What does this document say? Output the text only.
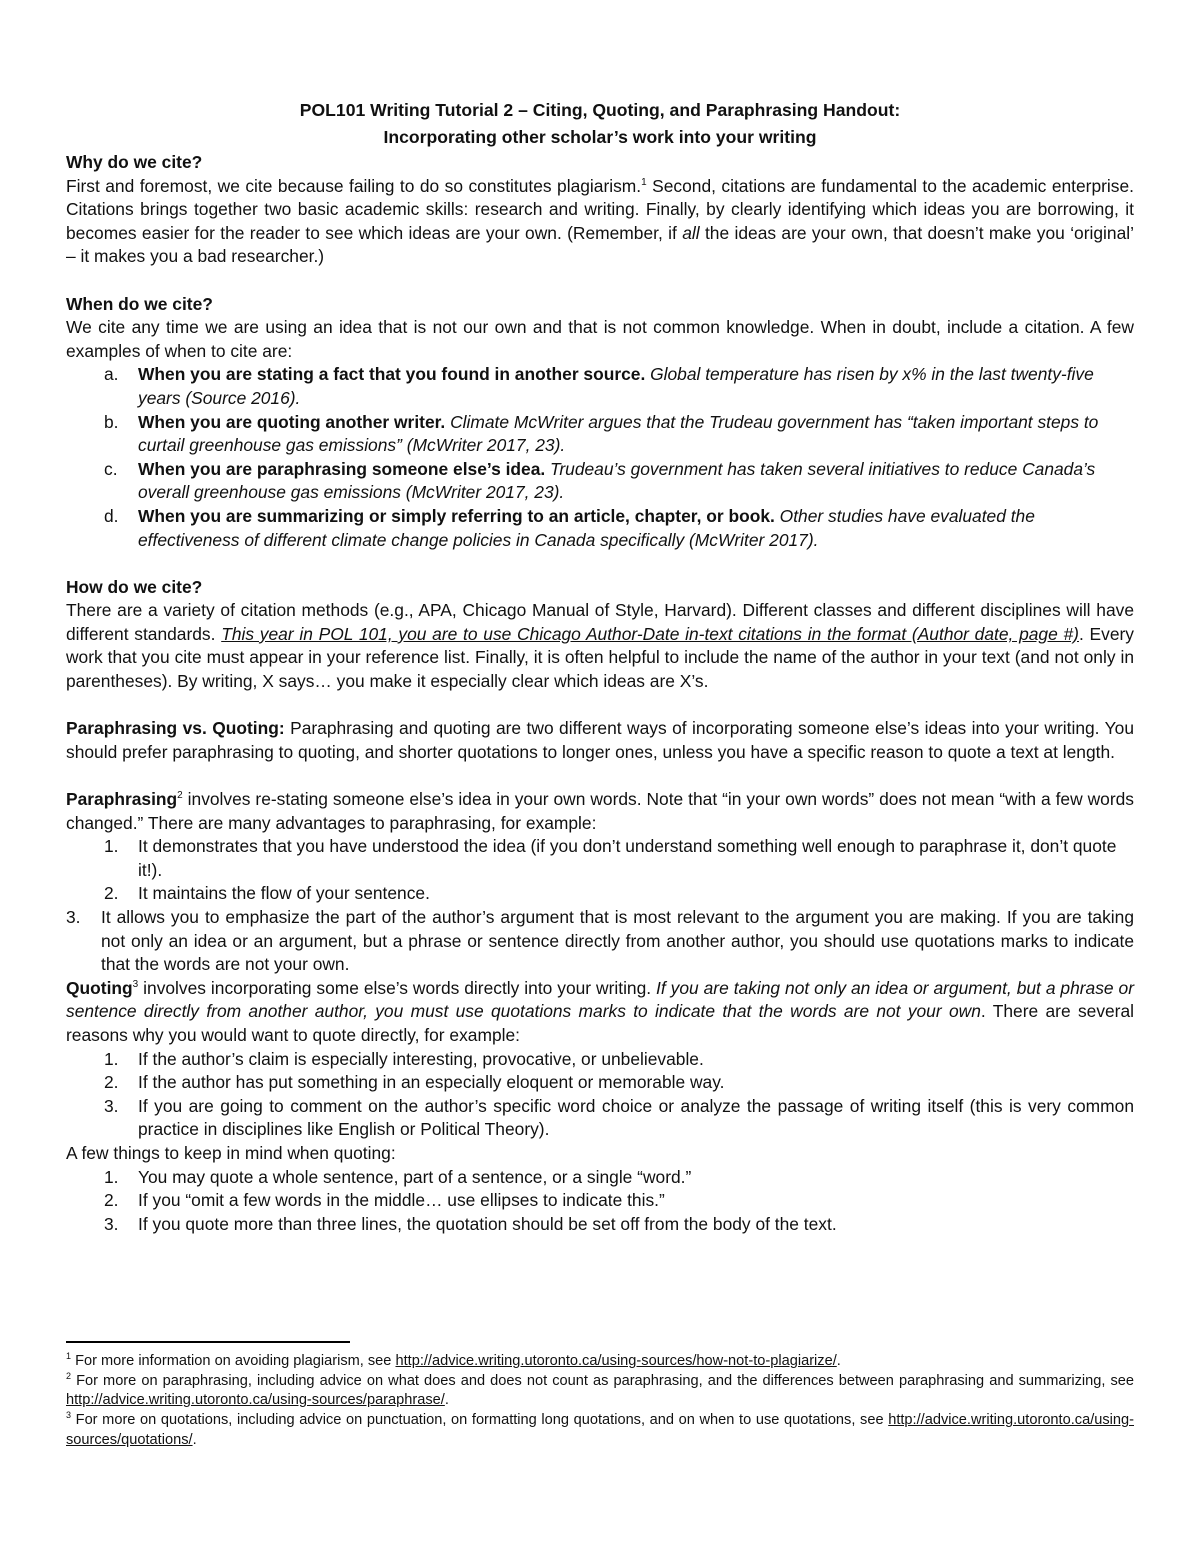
POL101 Writing Tutorial 2 – Citing, Quoting, and Paraphrasing Handout:
Incorporating other scholar’s work into your writing
Why do we cite?

First and foremost, we cite because failing to do so constitutes plagiarism.$^1$ Second, citations are fundamental to the academic enterprise. Citations brings together two basic academic skills: research and writing. Finally, by clearly identifying which ideas you are borrowing, it becomes easier for the reader to see which ideas are your own. (Remember, if all the ideas are your own, that doesn’t make you ‘original’ – it makes you a bad researcher.)

When do we cite?

We cite any time we are using an idea that is not our own and that is not common knowledge. When in doubt, include a citation. A few examples of when to cite are:

a. When you are stating a fact that you found in another source. Global temperature has risen by x% in the last twenty-five years (Source 2016).
b. When you are quoting another writer. Climate McWriter argues that the Trudeau government has “taken important steps to curtail greenhouse gas emissions” (McWriter 2017, 23).
c. When you are paraphrasing someone else’s idea. Trudeau’s government has taken several initiatives to reduce Canada’s overall greenhouse gas emissions (McWriter 2017, 23).
d. When you are summarizing or simply referring to an article, chapter, or book. Other studies have evaluated the effectiveness of different climate change policies in Canada specifically (McWriter 2017).
How do we cite?

There are a variety of citation methods (e.g., APA, Chicago Manual of Style, Harvard). Different classes and different disciplines will have different standards. This year in POL 101, you are to use Chicago Author-Date in-text citations in the format (Author date, page #). Every work that you cite must appear in your reference list. Finally, it is often helpful to include the name of the author in your text (and not only in parentheses). By writing, X says… you make it especially clear which ideas are X’s.

Paraphrasing vs. Quoting: Paraphrasing and quoting are two different ways of incorporating someone else’s ideas into your writing. You should prefer paraphrasing to quoting, and shorter quotations to longer ones, unless you have a specific reason to quote a text at length.

Paraphrasing$^2$ involves re-stating someone else’s idea in your own words. Note that “in your own words” does not mean “with a few words changed.” There are many advantages to paraphrasing, for example:

1. It demonstrates that you have understood the idea (if you don’t understand something well enough to paraphrase it, don’t quote it!).
2. It maintains the flow of your sentence.
3. It allows you to emphasize the part of the author’s argument that is most relevant to the argument you are making. If you are taking not only an idea or an argument, but a phrase or sentence directly from another author, you should use quotations marks to indicate that the words are not your own.

Quoting$^3$ involves incorporating some else’s words directly into your writing. If you are taking not only an idea or argument, but a phrase or sentence directly from another author, you must use quotations marks to indicate that the words are not your own. There are several reasons why you would want to quote directly, for example:

1. If the author’s claim is especially interesting, provocative, or unbelievable.
2. If the author has put something in an especially eloquent or memorable way.
3. If you are going to comment on the author’s specific word choice or analyze the passage of writing itself (this is very common practice in disciplines like English or Political Theory).

A few things to keep in mind when quoting:

1. You may quote a whole sentence, part of a sentence, or a single “word.”
2. If you “omit a few words in the middle… use ellipses to indicate this.”
3. If you quote more than three lines, the quotation should be set off from the body of the text.

$^1$ For more information on avoiding plagiarism, see http://advice.writing.utoronto.ca/using-sources/how-not-to-plagiarize/.

$^2$ For more on paraphrasing, including advice on what does and does not count as paraphrasing, and the differences between paraphrasing and summarizing, see http://advice.writing.utoronto.ca/using-sources/paraphrase/.

$^3$ For more on quotations, including advice on punctuation, on formatting long quotations, and on when to use quotations, see http://advice.writing.utoronto.ca/using-sources/quotations/.
